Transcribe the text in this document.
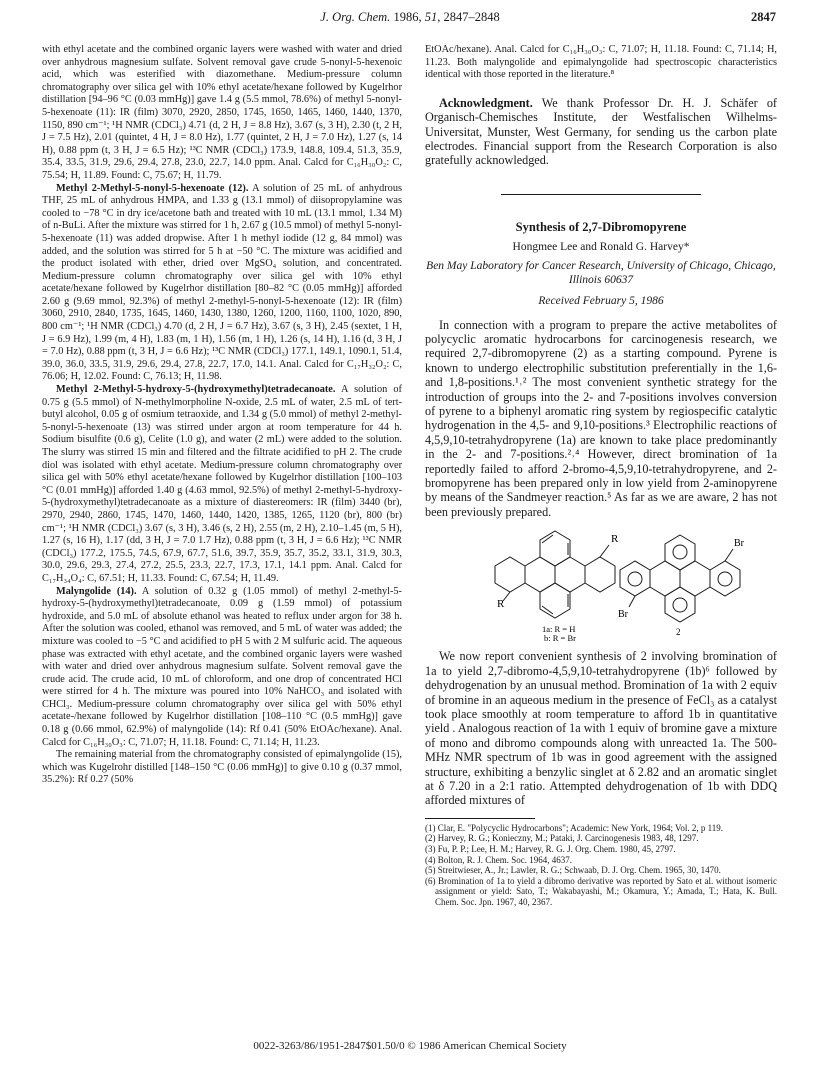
J. Org. Chem. 1986, 51, 2847–2848	2847

with ethyl acetate and the combined organic layers were washed with water and dried over anhydrous magnesium sulfate. Solvent removal gave crude 5-nonyl-5-hexenoic acid, which was esterified with diazomethane. Medium-pressure column chromatography over silica gel with 10% ethyl acetate/hexane followed by Kugelrhor distillation [94–96 °C (0.03 mmHg)] gave 1.4 g (5.5 mmol, 78.6%) of methyl 5-nonyl-5-hexenoate (11): IR (film) 3070, 2920, 2850, 1745, 1650, 1465, 1460, 1440, 1370, 1150, 890 cm⁻¹; ¹H NMR (CDCl₃) 4.71 (d, 2 H, J = 8.8 Hz), 3.67 (s, 3 H), 2.30 (t, 2 H, J = 7.5 Hz), 2.01 (quintet, 4 H, J = 8.0 Hz), 1.77 (quintet, 2 H, J = 7.0 Hz), 1.27 (s, 14 H), 0.88 ppm (t, 3 H, J = 6.5 Hz); ¹³C NMR (CDCl₃) 173.9, 148.8, 109.4, 51.3, 35.9, 35.4, 33.5, 31.9, 29.6, 29.4, 27.8, 23.0, 22.7, 14.0 ppm. Anal. Calcd for C₁₆H₃₀O₂: C, 75.54; H, 11.89. Found: C, 75.67; H, 11.79.

Methyl 2-Methyl-5-nonyl-5-hexenoate (12). A solution of 25 mL of anhydrous THF, 25 mL of anhydrous HMPA, and 1.33 g (13.1 mmol) of diisopropylamine was cooled to −78 °C in dry ice/acetone bath and treated with 10 mL (13.1 mmol, 1.34 M) of n-BuLi. After the mixture was stirred for 1 h, 2.67 g (10.5 mmol) of methyl 5-nonyl-5-hexenoate (11) was added dropwise. After 1 h methyl iodide (12 g, 84 mmol) was added, and the solution was stirred for 5 h at −50 °C. The mixture was acidified and the product isolated with ether, dried over MgSO₄ solution, and concentrated. Medium-pressure column chromatography over silica gel with 10% ethyl acetate/hexane followed by Kugelrhor distillation [80–82 °C (0.05 mmHg)] afforded 2.60 g (9.69 mmol, 92.3%) of methyl 2-methyl-5-nonyl-5-hexenoate (12): IR (film) 3060, 2910, 2840, 1735, 1645, 1460, 1430, 1380, 1260, 1200, 1160, 1100, 1020, 890, 800 cm⁻¹; ¹H NMR (CDCl₃) 4.70 (d, 2 H, J = 6.7 Hz), 3.67 (s, 3 H), 2.45 (sextet, 1 H, J = 6.9 Hz), 1.99 (m, 4 H), 1.83 (m, 1 H), 1.56 (m, 1 H), 1.26 (s, 14 H), 1.16 (d, 3 H, J = 7.0 Hz), 0.88 ppm (t, 3 H, J = 6.6 Hz); ¹³C NMR (CDCl₃) 177.1, 149.1, 1090.1, 51.4, 39.0, 36.0, 33.5, 31.9, 29.6, 29.4, 27.8, 22.7, 17.0, 14.1. Anal. Calcd for C₁₇H₃₂O₂: C, 76.06; H, 12.02. Found: C, 76.13; H, 11.98.

Methyl 2-Methyl-5-hydroxy-5-(hydroxymethyl)tetradecanoate. A solution of 0.75 g (5.5 mmol) of N-methylmorpholine N-oxide, 2.5 mL of water, 2.5 mL of tert-butyl alcohol, 0.05 g of osmium tetraoxide, and 1.34 g (5.0 mmol) of methyl 2-methyl-5-nonyl-5-hexenoate (13) was stirred under argon at room temperature for 44 h. Sodium bisulfite (0.6 g), Celite (1.0 g), and water (2 mL) were added to the solution. The slurry was stirred 15 min and filtered and the filtrate acidified to pH 2. The crude diol was isolated with ethyl acetate. Medium-pressure column chromatography over silica gel with 50% ethyl acetate/hexane followed by Kugelrhor distillation [100–103 °C (0.01 mmHg)] afforded 1.40 g (4.63 mmol, 92.5%) of methyl 2-methyl-5-hydroxy-5-(hydroxymethyl)tetradecanoate as a mixture of diastereomers: IR (film) 3440 (br), 2970, 2940, 2860, 1745, 1470, 1460, 1440, 1420, 1385, 1265, 1120 (br), 800 (br) cm⁻¹; ¹H NMR (CDCl₃) 3.67 (s, 3 H), 3.46 (s, 2 H), 2.55 (m, 2 H), 2.10–1.45 (m, 5 H), 1.27 (s, 16 H), 1.17 (dd, 3 H, J = 7.0 1.7 Hz), 0.88 ppm (t, 3 H, J = 6.6 Hz); ¹³C NMR (CDCl₃) 177.2, 175.5, 74.5, 67.9, 67.7, 51.6, 39.7, 35.9, 35.7, 35.2, 33.1, 31.9, 30.3, 30.0, 29.6, 29.3, 27.4, 27.2, 25.5, 23.3, 22.7, 17.3, 17.1, 14.1 ppm. Anal. Calcd for C₁₇H₃₄O₄: C, 67.51; H, 11.33. Found: C, 67.54; H, 11.49.

Malyngolide (14). A solution of 0.32 g (1.05 mmol) of methyl 2-methyl-5-hydroxy-5-(hydroxymethyl)tetradecanoate, 0.09 g (1.59 mmol) of potassium hydroxide, and 5.0 mL of absolute ethanol was heated to reflux under argon for 38 h. After the solution was cooled, ethanol was removed, and 5 mL of water was added; the mixture was cooled to −5 °C and acidified to pH 5 with 2 M sulfuric acid. The aqueous phase was extracted with ethyl acetate, and the combined organic layers were washed with water and dried over anhydrous magnesium sulfate. Solvent removal gave the crude acid. The crude acid, 10 mL of chloroform, and one drop of concentrated HCl were stirred for 4 h. The mixture was poured into 10% NaHCO₃ and isolated with CHCl₃. Medium-pressure column chromatography over silica gel with 50% ethyl acetate-/hexane followed by Kugelrhor distillation [108–110 °C (0.5 mmHg)] gave 0.18 g (0.66 mmol, 62.9%) of malyngolide (14): Rf 0.41 (50% EtOAc/hexane). Anal. Calcd for C₁₆H₃₀O₃: C, 71.07; H, 11.18. Found: C, 71.14; H, 11.23.

The remaining material from the chromatography consisted of epimalyngolide (15), which was Kugelrohr distilled [148–150 °C (0.06 mmHg)] to give 0.10 g (0.37 mmol, 35.2%): Rf 0.27 (50%

EtOAc/hexane). Anal. Calcd for C₁₆H₃₀O₃: C, 71.07; H, 11.18. Found: C, 71.14; H, 11.23. Both malyngolide and epimalyngolide had spectroscopic characteristics identical with those reported in the literature.⁸

Acknowledgment. We thank Professor Dr. H. J. Schäfer of Organisch-Chemisches Institute, der Westfalischen Wilhelms-Universitat, Munster, West Germany, for sending us the carbon plate electrodes. Financial support from the Research Corporation is also gratefully acknowledged.

Synthesis of 2,7-Dibromopyrene
Hongmee Lee and Ronald G. Harvey*
Ben May Laboratory for Cancer Research, University of Chicago, Chicago, Illinois 60637
Received February 5, 1986

In connection with a program to prepare the active metabolites of polycyclic aromatic hydrocarbons for carcinogenesis research, we required 2,7-dibromopyrene (2) as a starting compound. Pyrene is known to undergo electrophilic substitution preferentially in the 1,6- and 1,8-positions.¹˒² The most convenient synthetic strategy for the introduction of groups into the 2- and 7-positions involves conversion of pyrene to a biphenyl aromatic ring system by regiospecific catalytic hydrogenation in the 4,5- and 9,10-positions.³ Electrophilic reactions of 4,5,9,10-tetrahydropyrene (1a) are known to take place predominantly in the 2- and 7-positions.²˒⁴ However, direct bromination of 1a reportedly failed to afford 2-bromo-4,5,9,10-tetrahydropyrene, and 2-bromopyrene has been prepared only in low yield from 2-aminopyrene by means of the Sandmeyer reaction.⁵ As far as we are aware, 2 has not been previously prepared.

R
R	Br
Br
1a: R = H
b: R = Br
2

We now report convenient synthesis of 2 involving bromination of 1a to yield 2,7-dibromo-4,5,9,10-tetrahydropyrene (1b)⁶ followed by dehydrogenation by an unusual method. Bromination of 1a with 2 equiv of bromine in an aqueous medium in the presence of FeCl₃ as a catalyst took place smoothly at room temperature to afford 1b in quantitative yield . Analogous reaction of 1a with 1 equiv of bromine gave a mixture of mono and dibromo compounds along with unreacted 1a. The 500-MHz NMR spectrum of 1b was in good agreement with the assigned structure, exhibiting a benzylic singlet at δ 2.82 and an aromatic singlet at δ 7.20 in a 2:1 ratio. Attempted dehydrogenation of 1b with DDQ afforded mixtures of

(1) Clar, E. "Polycyclic Hydrocarbons"; Academic: New York, 1964; Vol. 2, p 119.

(2) Harvey, R. G.; Konieczny, M.; Pataki, J. Carcinogenesis 1983, 48, 1297.

(3) Fu, P. P.; Lee, H. M.; Harvey, R. G. J. Org. Chem. 1980, 45, 2797.

(4) Bolton, R. J. Chem. Soc. 1964, 4637.

(5) Streitwieser, A., Jr.; Lawler, R. G.; Schwaab, D. J. Org. Chem. 1965, 30, 1470.

(6) Bromination of 1a to yield a dibromo derivative was reported by Sato et al. without isomeric assignment or yield: Sato, T.; Wakabayashi, M.; Okamura, Y.; Amada, T.; Hata, K. Bull. Chem. Soc. Jpn. 1967, 40, 2367.

0022-3263/86/1951-2847$01.50/0 © 1986 American Chemical Society
